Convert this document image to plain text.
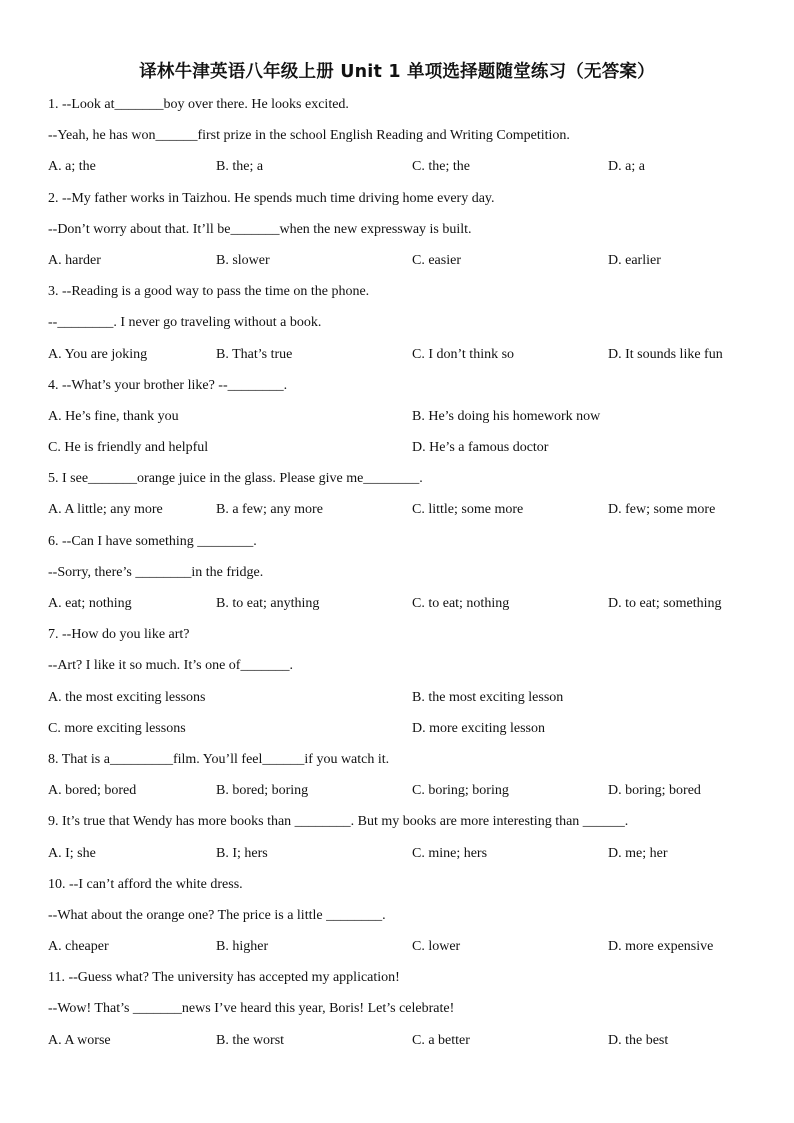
译林牛津英语八年级上册 Unit 1 单项选择题随堂练习（无答案）
1. --Look at_______boy over there. He looks excited.
--Yeah, he has won______first prize in the school English Reading and Writing Competition.
A. a; the	B. the; a	C. the; the	D. a; a
2. --My father works in Taizhou. He spends much time driving home every day.
--Don’t worry about that. It’ll be_______when the new expressway is built.
A. harder	B. slower	C. easier	D. earlier
3. --Reading is a good way to pass the time on the phone.
--________. I never go traveling without a book.
A. You are joking	B. That’s true	C. I don’t think so	D. It sounds like fun
4. --What’s your brother like? --________.
A. He’s fine, thank you	B. He’s doing his homework now
C. He is friendly and helpful	D. He’s a famous doctor
5. I see_______orange juice in the glass. Please give me________.
A. A little; any more	B. a few; any more	C. little; some more	D. few; some more
6. --Can I have something ________.
--Sorry, there’s ________in the fridge.
A. eat; nothing	B. to eat; anything	C. to eat; nothing	D. to eat; something
7. --How do you like art?
--Art? I like it so much. It’s one of_______.
A. the most exciting lessons	B. the most exciting lesson
C. more exciting lessons	D. more exciting lesson
8. That is a_________film. You’ll feel______if you watch it.
A. bored; bored	B. bored; boring	C. boring; boring	D. boring; bored
9. It’s true that Wendy has more books than ________. But my books are more interesting than ______.
A. I; she	B. I; hers	C. mine; hers	D. me; her
10. --I can’t afford the white dress.
--What about the orange one? The price is a little ________.
A. cheaper	B. higher	C. lower	D. more expensive
11. --Guess what? The university has accepted my application!
--Wow! That’s _______news I’ve heard this year, Boris! Let’s celebrate!
A. A worse	B. the worst	C. a better	D. the best
